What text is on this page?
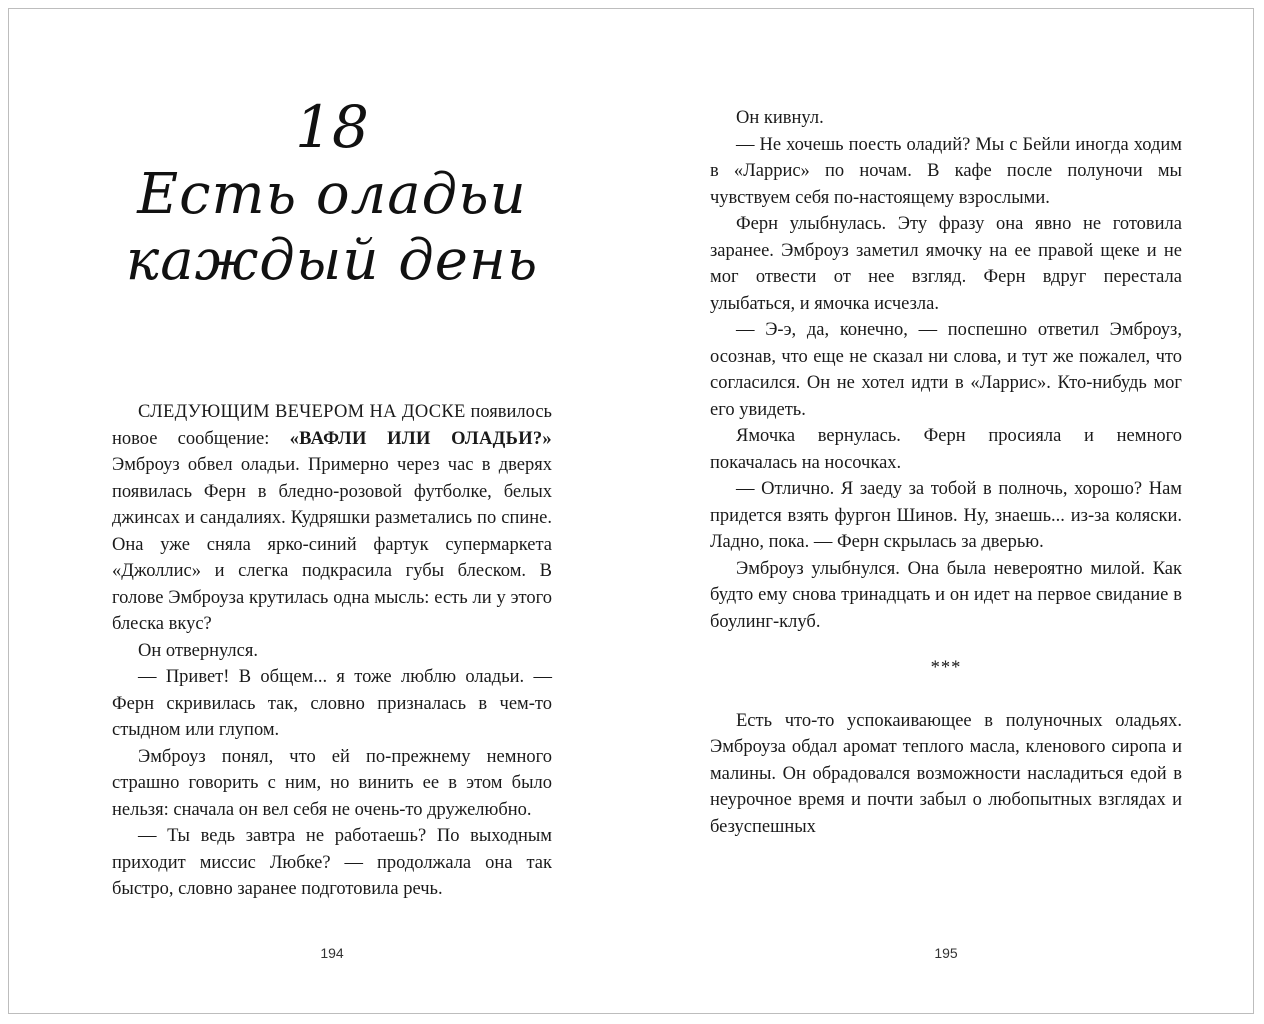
18
Есть оладьи
каждый день

СЛЕДУЮЩИМ ВЕЧЕРОМ НА ДОСКЕ появилось новое сообщение: «ВАФЛИ ИЛИ ОЛАДЬИ?» Эмброуз обвел оладьи. Примерно через час в дверях появилась Ферн в бледно-розовой футболке, белых джинсах и сандалиях. Кудряшки разметались по спине. Она уже сняла ярко-синий фартук супермаркета «Джоллис» и слегка подкрасила губы блеском. В голове Эмброуза крутилась одна мысль: есть ли у этого блеска вкус?

Он отвернулся.

— Привет! В общем... я тоже люблю оладьи. — Ферн скривилась так, словно призналась в чем-то стыдном или глупом.

Эмброуз понял, что ей по-прежнему немного страшно говорить с ним, но винить ее в этом было нельзя: сначала он вел себя не очень-то дружелюбно.

— Ты ведь завтра не работаешь? По выходным приходит миссис Любке? — продолжала она так быстро, словно заранее подготовила речь.

194

Он кивнул.

— Не хочешь поесть оладий? Мы с Бейли иногда ходим в «Ларрис» по ночам. В кафе после полуночи мы чувствуем себя по-настоящему взрослыми.

Ферн улыбнулась. Эту фразу она явно не готовила заранее. Эмброуз заметил ямочку на ее правой щеке и не мог отвести от нее взгляд. Ферн вдруг перестала улыбаться, и ямочка исчезла.

— Э-э, да, конечно, — поспешно ответил Эмброуз, осознав, что еще не сказал ни слова, и тут же пожалел, что согласился. Он не хотел идти в «Ларрис». Кто-нибудь мог его увидеть.

Ямочка вернулась. Ферн просияла и немного покачалась на носочках.

— Отлично. Я заеду за тобой в полночь, хорошо? Нам придется взять фургон Шинов. Ну, знаешь... из-за коляски. Ладно, пока. — Ферн скрылась за дверью.

Эмброуз улыбнулся. Она была невероятно милой. Как будто ему снова тринадцать и он идет на первое свидание в боулинг-клуб.

***

Есть что-то успокаивающее в полуночных оладьях. Эмброуза обдал аромат теплого масла, кленового сиропа и малины. Он обрадовался возможности насладиться едой в неурочное время и почти забыл о любопытных взглядах и безуспешных

195
